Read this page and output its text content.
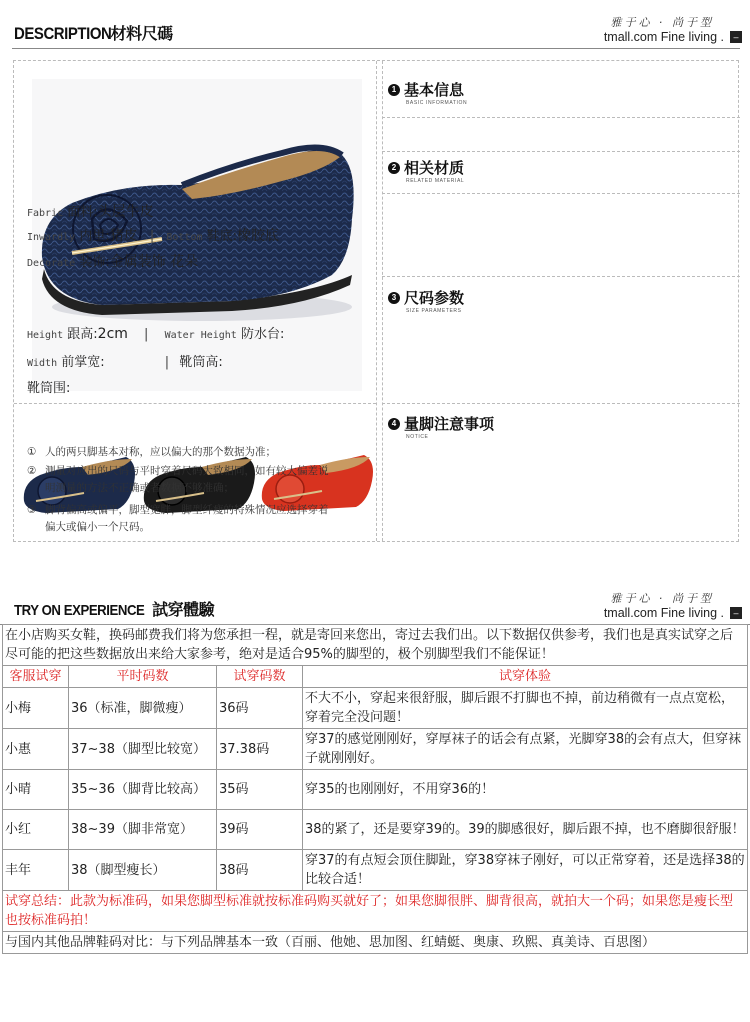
DESCRIPTION 材料尺碼
雅于心 · 尚于型
tmall.com Fine living .	–
1 基本信息
BASIC INFORMATION
2 相关材质
RELATED MATERIAL
Fabric 面料:头层牛皮
Inwardly 内里:猪皮 | Bottom 鞋底:橡胶底
Decorate 装饰:金属装饰 花朵
3 尺码参数
SIZE PARAMETERS
Height 跟高:2cm | Water Height 防水台:
Width 前掌宽:	| 靴筒高:
靴筒围:
4 量脚注意事项
NOTICE
① 人的两只脚基本对称，应以偏大的那个数据为准；
② 测量对应出的尺码与平时穿着尺码大致相同，如有较大偏差说
明测量的方法不正确或者数据不够准确；
③ 脚背偏高或偏平，脚型宽胖，脚型纤瘦的特殊情况应选择穿着
偏大或偏小一个尺码。
TRY ON EXPERIENCE 試穿體驗
雅于心 · 尚于型
tmall.com Fine living .	–
在小店购买女鞋，换码邮费我们将为您承担一程，就是寄回来您出，寄过去我们出。以下数据仅供参考，我们也是真实试穿之后尽可能的把这些数据放出来给大家参考，绝对是适合95%的脚型的，极个别脚型我们不能保证！			
客服试穿	平时码数	试穿码数	试穿体验
小梅	36（标准，脚微瘦）	36码	不大不小，穿起来很舒服，脚后跟不打脚也不掉，前边稍微有一点点宽松，穿着完全没问题！
小惠	37~38（脚型比较宽）	37.38码	穿37的感觉刚刚好，穿厚袜子的话会有点紧，光脚穿38的会有点大，但穿袜子就刚刚好。
小晴	35~36（脚背比较高）	35码	穿35的也刚刚好，不用穿36的！
小红	38~39（脚非常宽）	39码	38的紧了，还是要穿39的。39的脚感很好，脚后跟不掉，也不磨脚很舒服！
丰年	38（脚型瘦长）	38码	穿37的有点短会顶住脚趾，穿38穿袜子刚好，可以正常穿着，还是选择38的比较合适！
试穿总结：此款为标准码，如果您脚型标准就按标准码购买就好了；如果您脚很胖、脚背很高，就拍大一个码；如果您是瘦长型也按标准码拍！			
与国内其他品牌鞋码对比：与下列品牌基本一致（百丽、他她、思加图、红蜻蜓、奥康、玖熙、真美诗、百思图）			
